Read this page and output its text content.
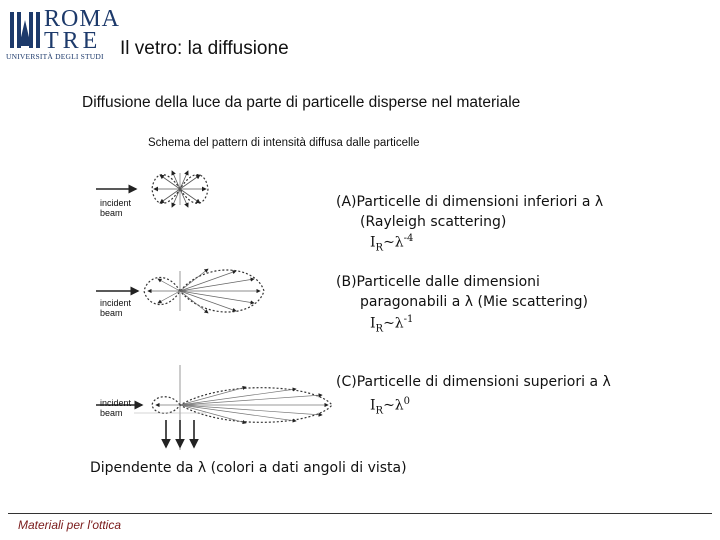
ROMA
TRE
UNIVERSITÀ DEGLI STUDI Il vetro: la diffusione
Diffusione della luce da parte di particelle disperse nel materiale
Schema del pattern di intensità diffusa dalle particelle
incident
beam
incident
beam
incident
beam
(A)Particelle di dimensioni inferiori a λ
(Rayleigh scattering)
$I_R\sim\lambda^{-4}$
(B)Particelle dalle dimensioni
paragonabili a λ (Mie scattering)
$I_R\sim\lambda^{-1}$
(C)Particelle di dimensioni superiori a λ
$I_R\sim\lambda^0$
Dipendente da λ (colori a dati angoli di vista)
Materiali per l'ottica
